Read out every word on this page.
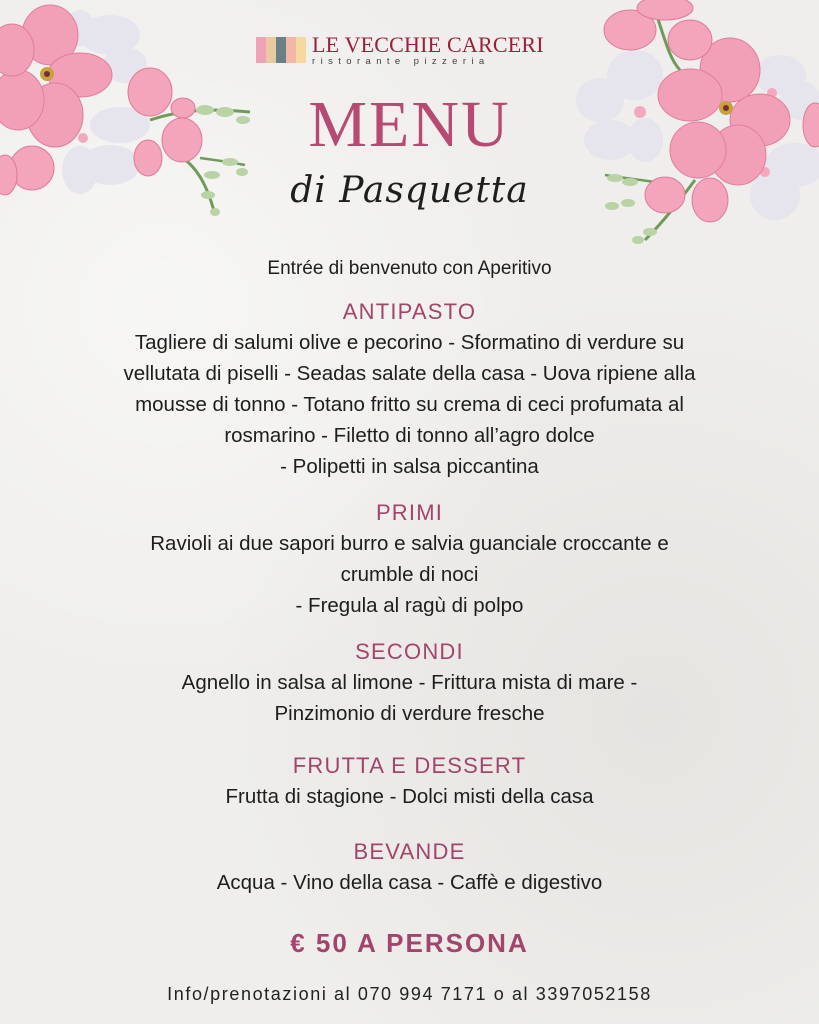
LE VECCHIE CARCERI
ristorante pizzeria
MENU
di Pasquetta

Entrée di benvenuto con Aperitivo

ANTIPASTO

Tagliere di salumi olive e pecorino - Sformatino di verdure su

vellutata di piselli - Seadas salate della casa - Uova ripiene alla

mousse di tonno - Totano fritto su crema di ceci profumata al

rosmarino - Filetto di tonno all’agro dolce

- Polipetti in salsa piccantina

PRIMI

Ravioli ai due sapori burro e salvia guanciale croccante e

crumble di noci

- Fregula al ragù di polpo

SECONDI

Agnello in salsa al limone - Frittura mista di mare -

Pinzimonio di verdure fresche

FRUTTA E DESSERT

Frutta di stagione - Dolci misti della casa

BEVANDE

Acqua - Vino della casa - Caffè e digestivo

€ 50 A PERSONA
Info/prenotazioni al 070 994 7171 o al 3397052158
